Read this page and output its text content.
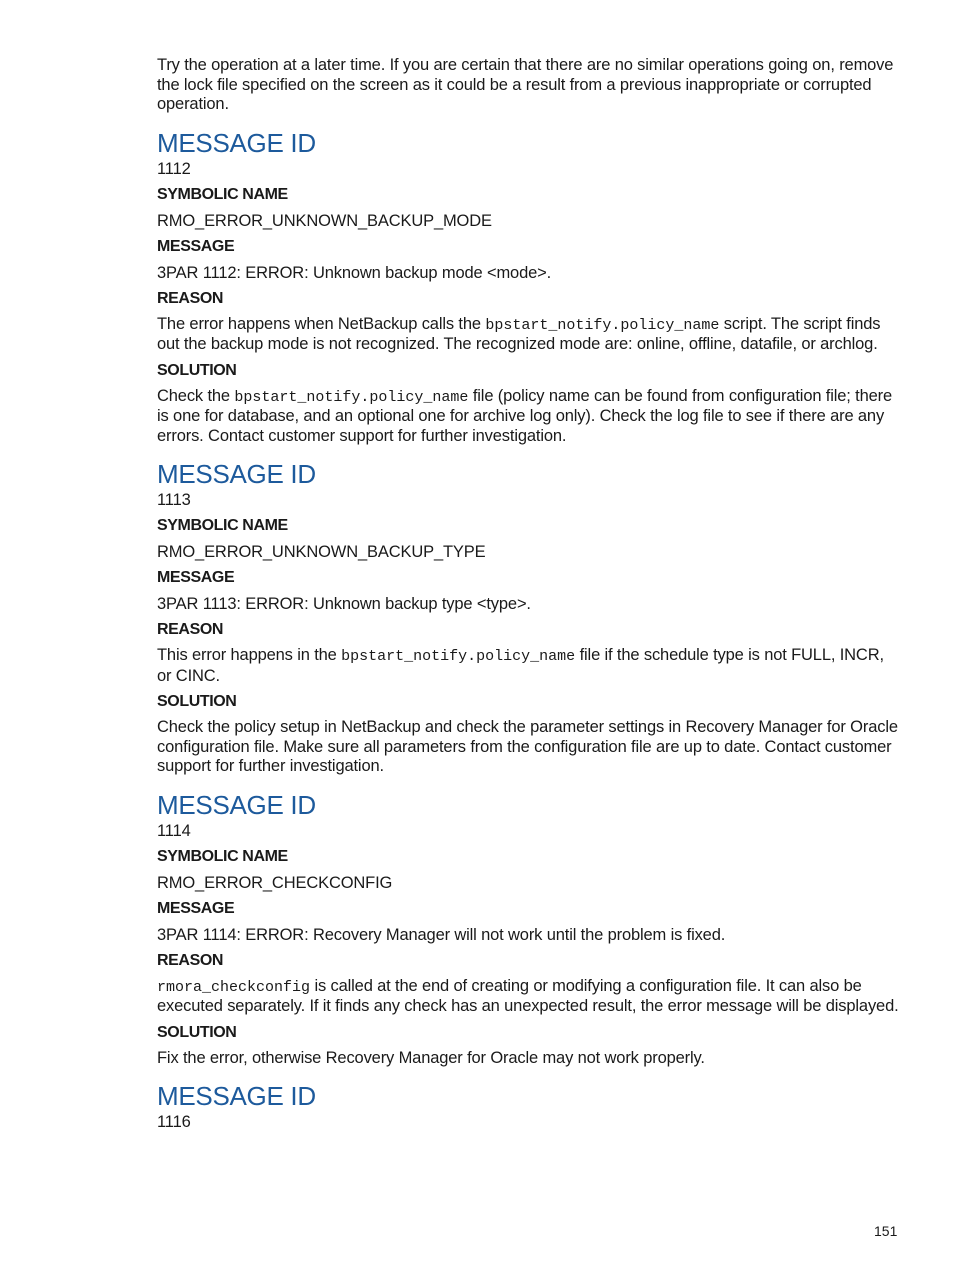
Try the operation at a later time. If you are certain that there are no similar operations going on, remove the lock file specified on the screen as it could be a result from a previous inappropriate or corrupted operation.

MESSAGE ID

1112

SYMBOLIC NAME

RMO_ERROR_UNKNOWN_BACKUP_MODE

MESSAGE

3PAR 1112: ERROR: Unknown backup mode <mode>.

REASON

The error happens when NetBackup calls the bpstart_notify.policy_name script. The script finds out the backup mode is not recognized. The recognized mode are: online, offline, datafile, or archlog.

SOLUTION

Check the bpstart_notify.policy_name file (policy name can be found from configuration file; there is one for database, and an optional one for archive log only). Check the log file to see if there are any errors. Contact customer support for further investigation.

MESSAGE ID

1113

SYMBOLIC NAME

RMO_ERROR_UNKNOWN_BACKUP_TYPE

MESSAGE

3PAR 1113: ERROR: Unknown backup type <type>.

REASON

This error happens in the bpstart_notify.policy_name file if the schedule type is not FULL, INCR, or CINC.

SOLUTION

Check the policy setup in NetBackup and check the parameter settings in Recovery Manager for Oracle configuration file. Make sure all parameters from the configuration file are up to date. Contact customer support for further investigation.

MESSAGE ID

1114

SYMBOLIC NAME

RMO_ERROR_CHECKCONFIG

MESSAGE

3PAR 1114: ERROR: Recovery Manager will not work until the problem is fixed.

REASON

rmora_checkconfig is called at the end of creating or modifying a configuration file. It can also be executed separately. If it finds any check has an unexpected result, the error message will be displayed.

SOLUTION

Fix the error, otherwise Recovery Manager for Oracle may not work properly.

MESSAGE ID

1116

151
